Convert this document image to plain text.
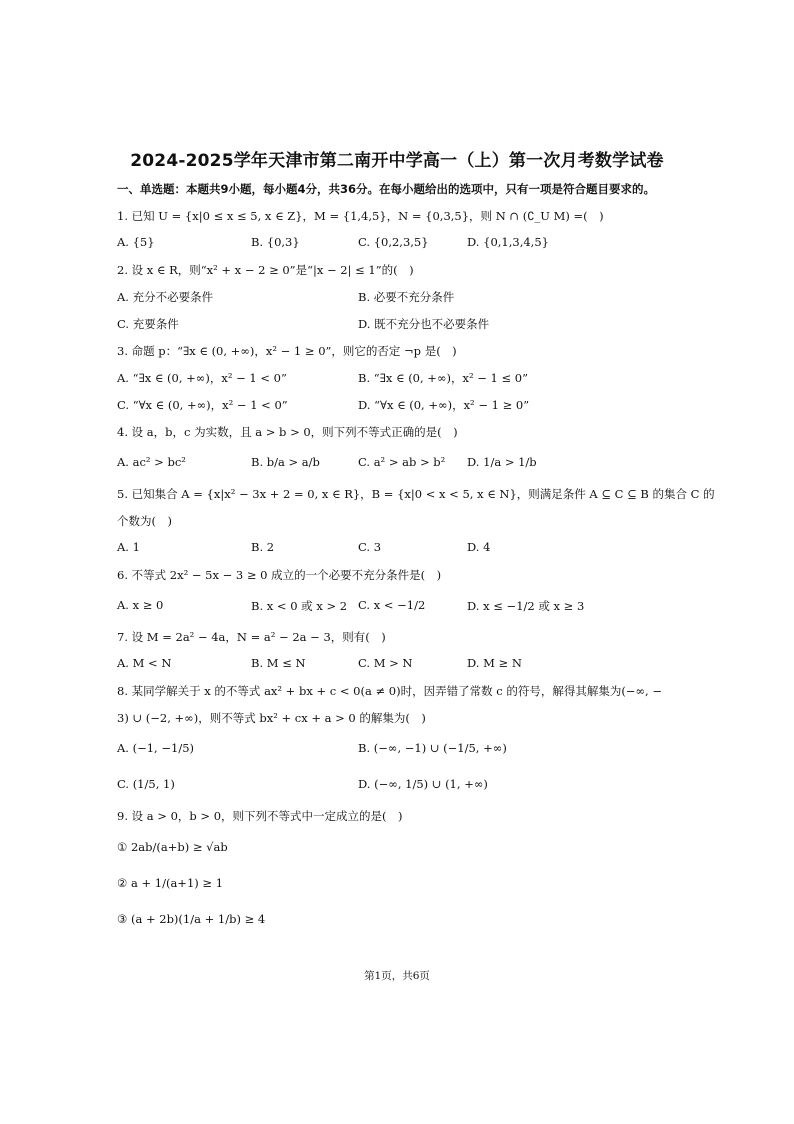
2024-2025学年天津市第二南开中学高一（上）第一次月考数学试卷
一、单选题：本题共9小题，每小题4分，共36分。在每小题给出的选项中，只有一项是符合题目要求的。
1. 已知 U = {x|0 ≤ x ≤ 5, x ∈ Z}，M = {1,4,5}，N = {0,3,5}，则 N ∩ (∁_U M) =(　)
A. {5}	B. {0,3}	C. {0,2,3,5}	D. {0,1,3,4,5}
2. 设 x ∈ R，则“x² + x − 2 ≥ 0”是“|x − 2| ≤ 1”的(　)
A. 充分不必要条件	B. 必要不充分条件
C. 充要条件	D. 既不充分也不必要条件
3. 命题 p：“∃x ∈ (0, +∞)，x² − 1 ≥ 0”，则它的否定 ¬p 是(　)
A. “∃x ∈ (0, +∞)，x² − 1 < 0”	B. “∃x ∈ (0, +∞)，x² − 1 ≤ 0”
C. “∀x ∈ (0, +∞)，x² − 1 < 0”	D. “∀x ∈ (0, +∞)，x² − 1 ≥ 0”
4. 设 a，b，c 为实数，且 a > b > 0，则下列不等式正确的是(　)
A. ac² > bc²	B. b/a > a/b	C. a² > ab > b² D. 1/a > 1/b
5. 已知集合 A = {x|x² − 3x + 2 = 0, x ∈ R}，B = {x|0 < x < 5, x ∈ N}，则满足条件 A ⊆ C ⊆ B 的集合 C 的
个数为(　)
A. 1	B. 2	C. 3	D. 4
6. 不等式 2x² − 5x − 3 ≥ 0 成立的一个必要不充分条件是(　)
A. x ≥ 0	B. x < 0 或 x > 2 C. x < −1/2	D. x ≤ −1/2 或 x ≥ 3
7. 设 M = 2a² − 4a，N = a² − 2a − 3，则有(　)
A. M < N	B. M ≤ N	C. M > N	D. M ≥ N
8. 某同学解关于 x 的不等式 ax² + bx + c < 0(a ≠ 0)时，因弄错了常数 c 的符号，解得其解集为(−∞, −
3) ∪ (−2, +∞)，则不等式 bx² + cx + a > 0 的解集为(　)
A. (−1, −1/5)	B. (−∞, −1) ∪ (−1/5, +∞)
C. (1/5, 1)	D. (−∞, 1/5) ∪ (1, +∞)
9. 设 a > 0，b > 0，则下列不等式中一定成立的是(　)
① 2ab/(a+b) ≥ √ab
② a + 1/(a+1) ≥ 1
③ (a + 2b)(1/a + 1/b) ≥ 4
第1页，共6页
